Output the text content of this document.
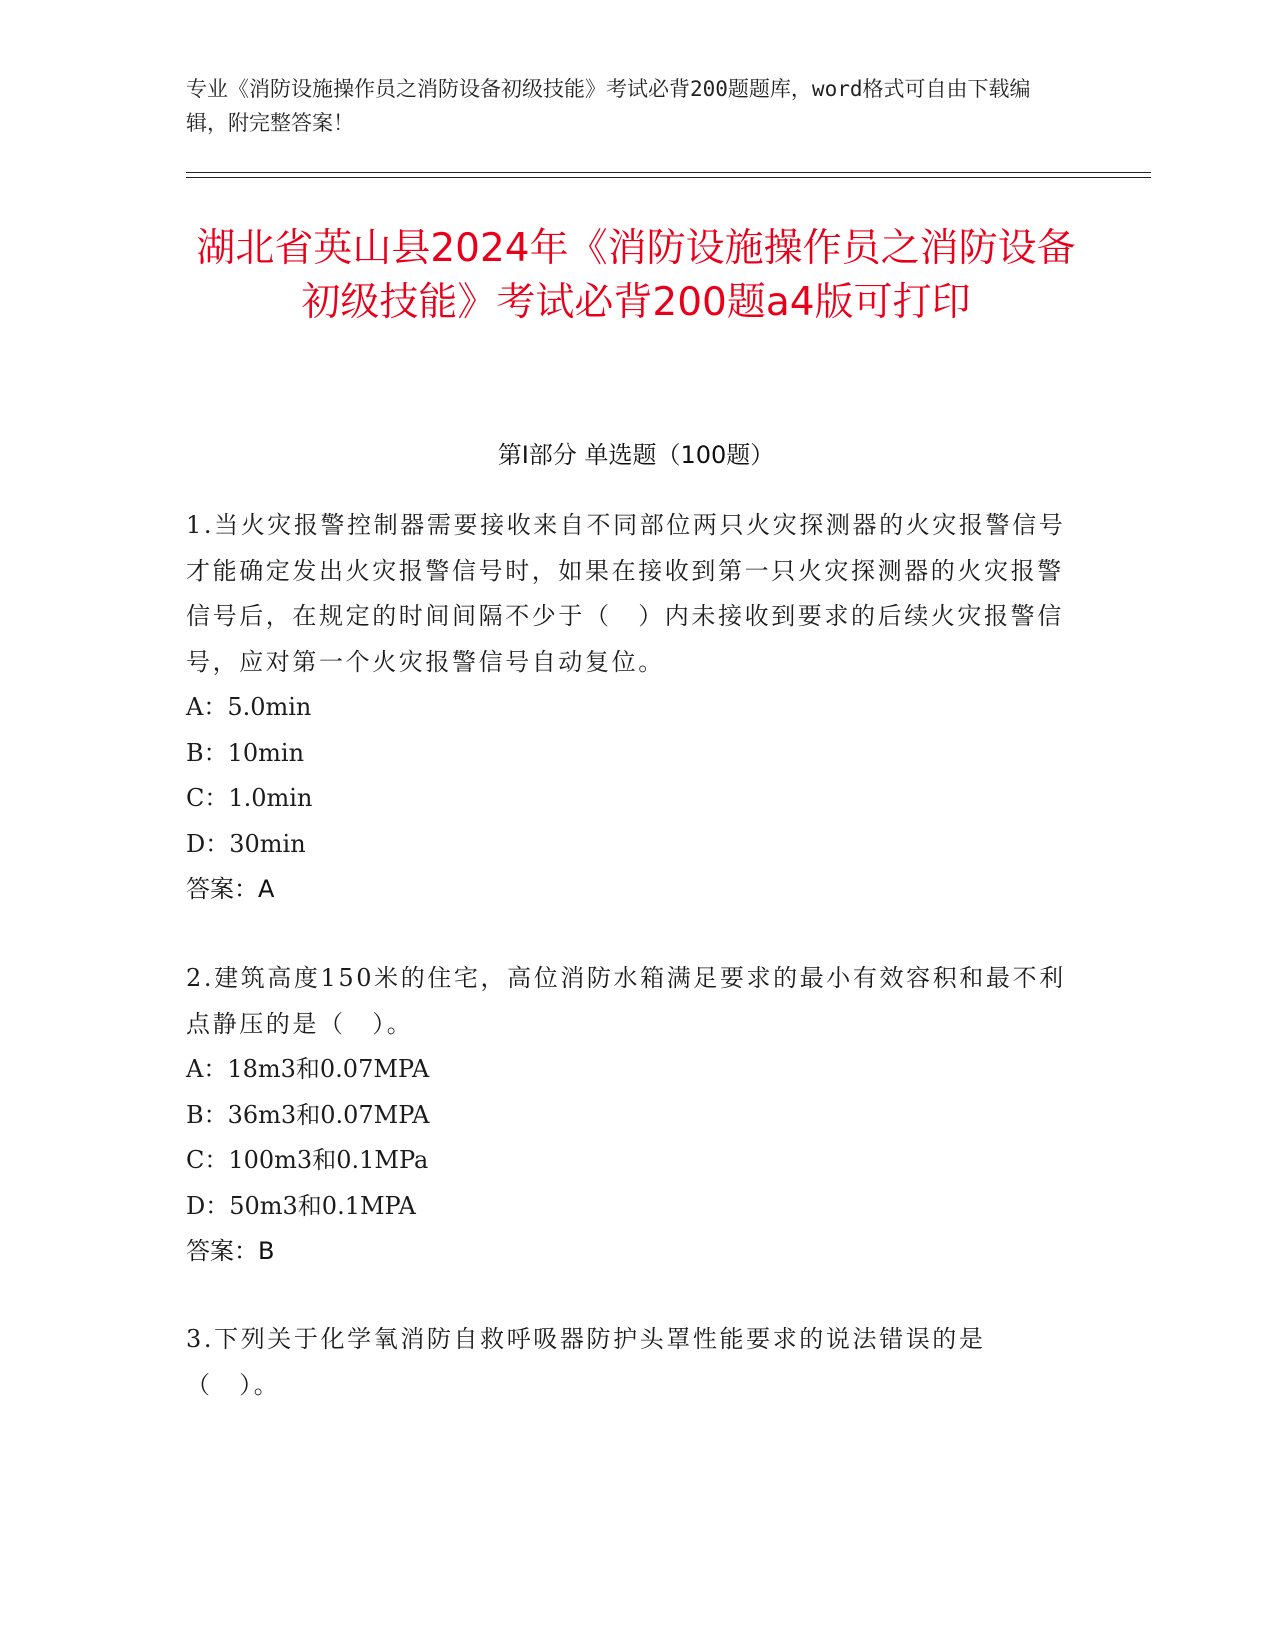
专业《消防设施操作员之消防设备初级技能》考试必背200题题库，word格式可自由下载编辑，附完整答案！
湖北省英山县2024年《消防设施操作员之消防设备初级技能》考试必背200题a4版可打印
第I部分 单选题（100题）
1.当火灾报警控制器需要接收来自不同部位两只火灾探测器的火灾报警信号才能确定发出火灾报警信号时，如果在接收到第一只火灾探测器的火灾报警信号后，在规定的时间间隔不少于（　）内未接收到要求的后续火灾报警信号，应对第一个火灾报警信号自动复位。
A：5.0min
B：10min
C：1.0min
D：30min
答案：A
2.建筑高度150米的住宅，高位消防水箱满足要求的最小有效容积和最不利点静压的是（　）。
A：18m3和0.07MPA
B：36m3和0.07MPA
C：100m3和0.1MPa
D：50m3和0.1MPA
答案：B
3.下列关于化学氧消防自救呼吸器防护头罩性能要求的说法错误的是（　）。
